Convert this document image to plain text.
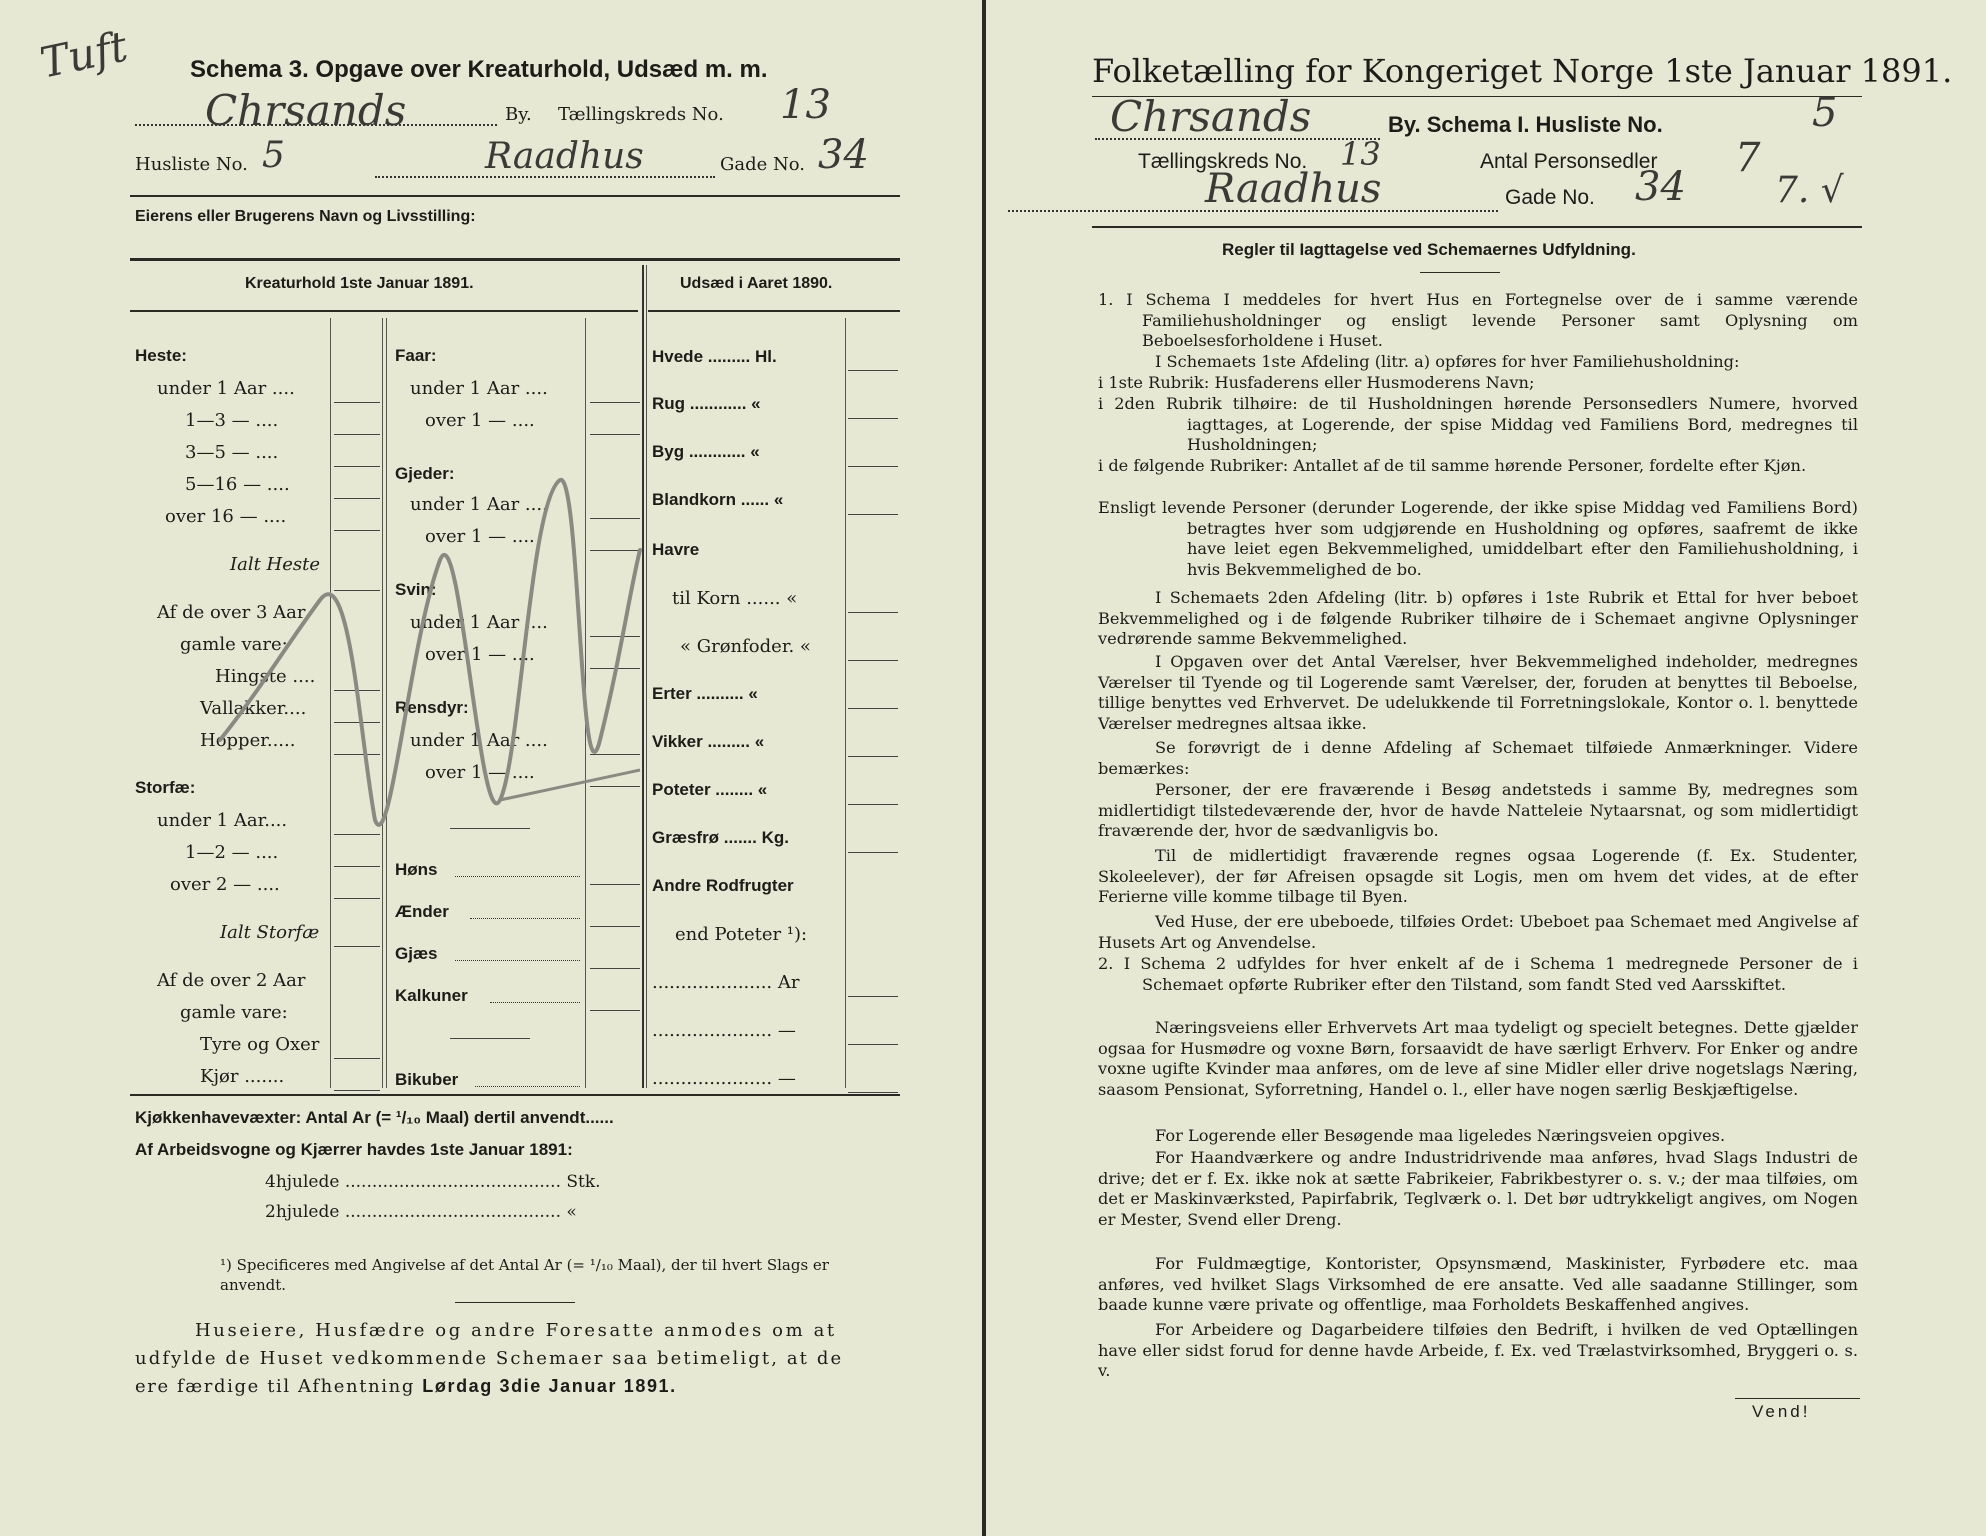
Tuft Schema 3. Opgave over Kreaturhold, Udsæd m. m.
Chrsands	By. Tællingskreds No. 13
Husliste No. 5	Raadhus	Gade No. 34
Eierens eller Brugerens Navn og Livsstilling:
Kreaturhold 1ste Januar 1891.	Udsæd i Aaret 1890.
Heste:
under 1 Aar ....
1—3 — ....
3—5 — ....
5—16 — ....
over 16 — ....
Ialt Heste
Af de over 3 Aar
gamle vare:
Hingste ....
Vallakker....
Hopper.....
Storfæ:
under 1 Aar....
1—2 — ....
over 2 — ....
Ialt Storfæ
Af de over 2 Aar
gamle vare:
Tyre og Oxer
Kjør .......
Faar:
under 1 Aar ....
over 1 — ....
Gjeder:
under 1 Aar ....
over 1 — ....
Svin:
under 1 Aar ....
over 1 — ....
Rensdyr:
under 1 Aar ....
over 1 — ....
Høns
Ænder
Gjæs
Kalkuner
Bikuber
Hvede ......... Hl.
Rug ............ «
Byg ............ «
Blandkorn ...... «
Havre
til Korn ...... «
« Grønfoder. «
Erter .......... «
Vikker ......... «
Poteter ........ «
Græsfrø ....... Kg.
Andre Rodfrugter
end Poteter ¹):
..................... Ar
..................... —
..................... —
Kjøkkenhavevæxter: Antal Ar (= ¹/₁₀ Maal) dertil anvendt......
Af Arbeidsvogne og Kjærrer havdes 1ste Januar 1891:
4hjulede ........................................ Stk.
2hjulede ........................................ «
¹) Specificeres med Angivelse af det Antal Ar (= ¹/₁₀ Maal), der til hvert Slags er
anvendt.
Huseiere, Husfædre og andre Foresatte anmodes om at
udfylde de Huset vedkommende Schemaer saa betimeligt, at de
ere færdige til Afhentning Lørdag 3die Januar 1891.
Folketælling for Kongeriget Norge 1ste Januar 1891.
Chrsands	By. Schema I. Husliste No.	5
Tællingskreds No. 13	Antal Personsedler 7
Raadhus	Gade No. 34 7. √
Regler til Iagttagelse ved Schemaernes Udfyldning.
1. I Schema I meddeles for hvert Hus en Fortegnelse over de i samme værende Familiehusholdninger og ensligt levende Personer samt Oplysning om Beboelsesforholdene i Huset.
I Schemaets 1ste Afdeling (litr. a) opføres for hver Familiehusholdning:
i 1ste Rubrik: Husfaderens eller Husmoderens Navn;
i 2den Rubrik tilhøire: de til Husholdningen hørende Personsedlers Numere, hvorved iagttages, at Logerende, der spise Middag ved Familiens Bord, medregnes til Husholdningen;
i de følgende Rubriker: Antallet af de til samme hørende Personer, fordelte efter Kjøn.
Ensligt levende Personer (derunder Logerende, der ikke spise Middag ved Familiens Bord) betragtes hver som udgjørende en Husholdning og opføres, saafremt de ikke have leiet egen Bekvemmelighed, umiddelbart efter den Familiehusholdning, i hvis Bekvemmelighed de bo.
I Schemaets 2den Afdeling (litr. b) opføres i 1ste Rubrik et Ettal for hver beboet Bekvemmelighed og i de følgende Rubriker tilhøire de i Schemaet angivne Oplysninger vedrørende samme Bekvemmelighed.
I Opgaven over det Antal Værelser, hver Bekvemmelighed indeholder, medregnes Værelser til Tyende og til Logerende samt Værelser, der, foruden at benyttes til Beboelse, tillige benyttes ved Erhvervet. De udelukkende til Forretningslokale, Kontor o. l. benyttede Værelser medregnes altsaa ikke.
Se forøvrigt de i denne Afdeling af Schemaet tilføiede Anmærkninger. Videre bemærkes:
Personer, der ere fraværende i Besøg andetsteds i samme By, medregnes som midlertidigt tilstedeværende der, hvor de havde Natteleie Nytaarsnat, og som midlertidigt fraværende der, hvor de sædvanligvis bo.
Til de midlertidigt fraværende regnes ogsaa Logerende (f. Ex. Studenter, Skoleelever), der før Afreisen opsagde sit Logis, men om hvem det vides, at de efter Ferierne ville komme tilbage til Byen.
Ved Huse, der ere ubeboede, tilføies Ordet: Ubeboet paa Schemaet med Angivelse af Husets Art og Anvendelse.
2. I Schema 2 udfyldes for hver enkelt af de i Schema 1 medregnede Personer de i Schemaet opførte Rubriker efter den Tilstand, som fandt Sted ved Aarsskiftet.
Næringsveiens eller Erhvervets Art maa tydeligt og specielt betegnes. Dette gjælder ogsaa for Husmødre og voxne Børn, forsaavidt de have særligt Erhverv. For Enker og andre voxne ugifte Kvinder maa anføres, om de leve af sine Midler eller drive nogetslags Næring, saasom Pensionat, Syforretning, Handel o. l., eller have nogen særlig Beskjæftigelse.
For Logerende eller Besøgende maa ligeledes Næringsveien opgives.
For Haandværkere og andre Industridrivende maa anføres, hvad Slags Industri de drive; det er f. Ex. ikke nok at sætte Fabrikeier, Fabrikbestyrer o. s. v.; der maa tilføies, om det er Maskinværksted, Papirfabrik, Teglværk o. l. Det bør udtrykkeligt angives, om Nogen er Mester, Svend eller Dreng.
For Fuldmægtige, Kontorister, Opsynsmænd, Maskinister, Fyrbødere etc. maa anføres, ved hvilket Slags Virksomhed de ere ansatte. Ved alle saadanne Stillinger, som baade kunne være private og offentlige, maa Forholdets Beskaffenhed angives.
For Arbeidere og Dagarbeidere tilføies den Bedrift, i hvilken de ved Optællingen have eller sidst forud for denne havde Arbeide, f. Ex. ved Trælastvirksomhed, Bryggeri o. s. v.
Vend!
